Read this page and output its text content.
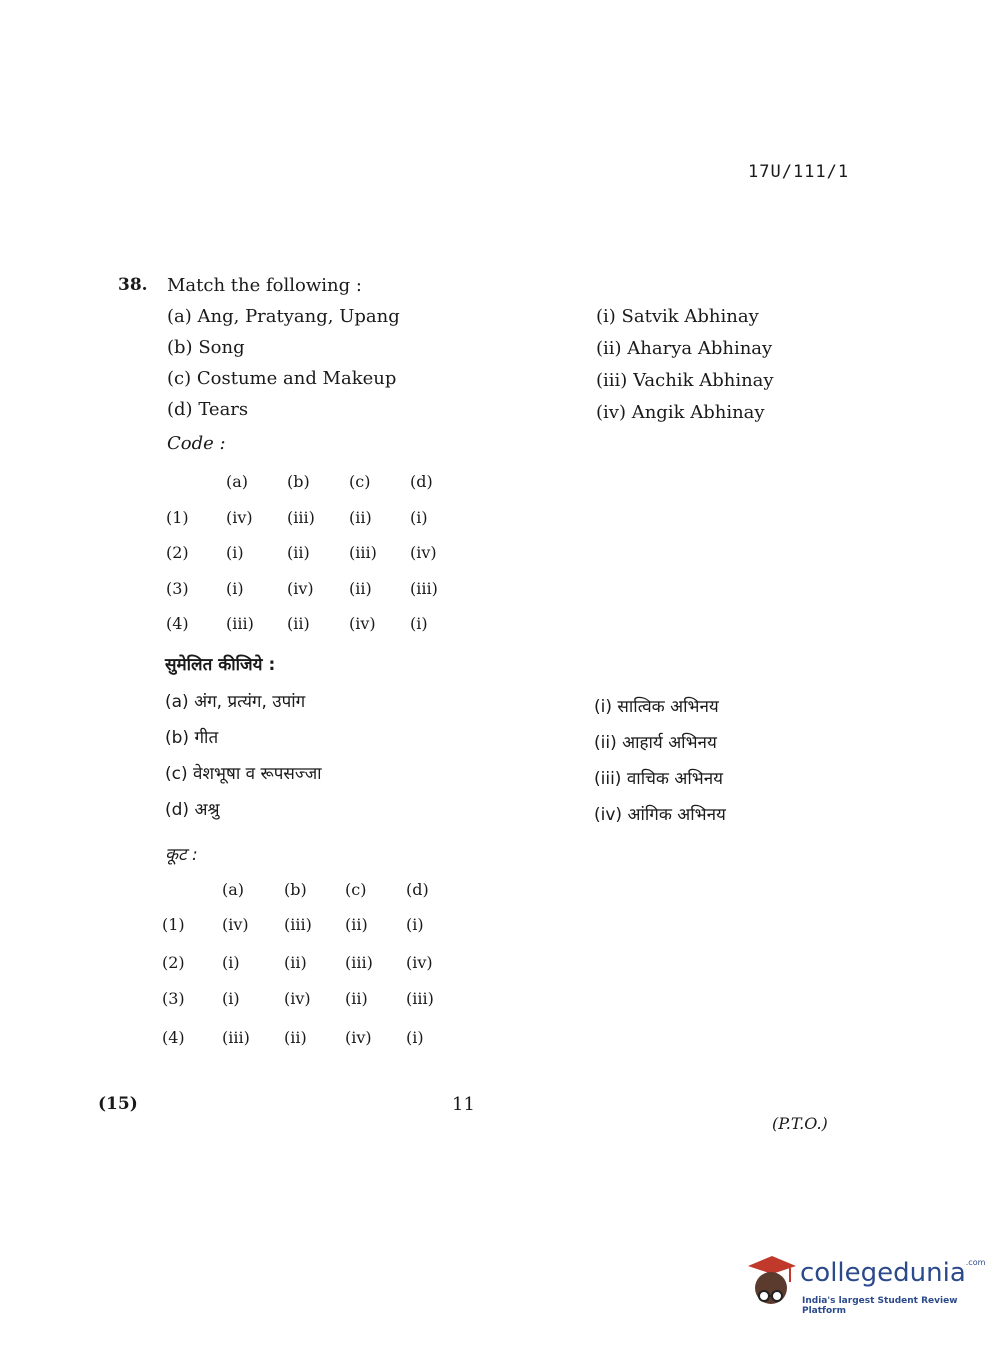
17U/111/1
38. Match the following :
(a) Ang, Pratyang, Upang
(b) Song
(c) Costume and Makeup
(d) Tears
(i) Satvik Abhinay
(ii) Aharya Abhinay
(iii) Vachik Abhinay
(iv) Angik Abhinay
Code :
(a) (b) (c) (d)
(1) (iv) (iii) (ii) (i)
(2) (i)	(ii) (iii) (iv)
(3) (i)	(iv) (ii) (iii)
(4) (iii) (ii) (iv) (i)
सुमेलित कीजिये :
(a) अंग, प्रत्यंग, उपांग
(b) गीत
(c) वेशभूषा व रूपसज्जा
(d) अश्रु
(i) सात्विक अभिनय
(ii) आहार्य अभिनय
(iii) वाचिक अभिनय
(iv) आंगिक अभिनय
कूट :
(a) (b) (c) (d)
(1) (iv) (iii) (ii) (i)
(2) (i)	(ii) (iii) (iv)
(3) (i)	(iv) (ii) (iii)
(4) (iii) (ii) (iv) (i)
(15)	11
(P.T.O.)
collegedunia$^{.com}$
India's largest Student Review Platform
